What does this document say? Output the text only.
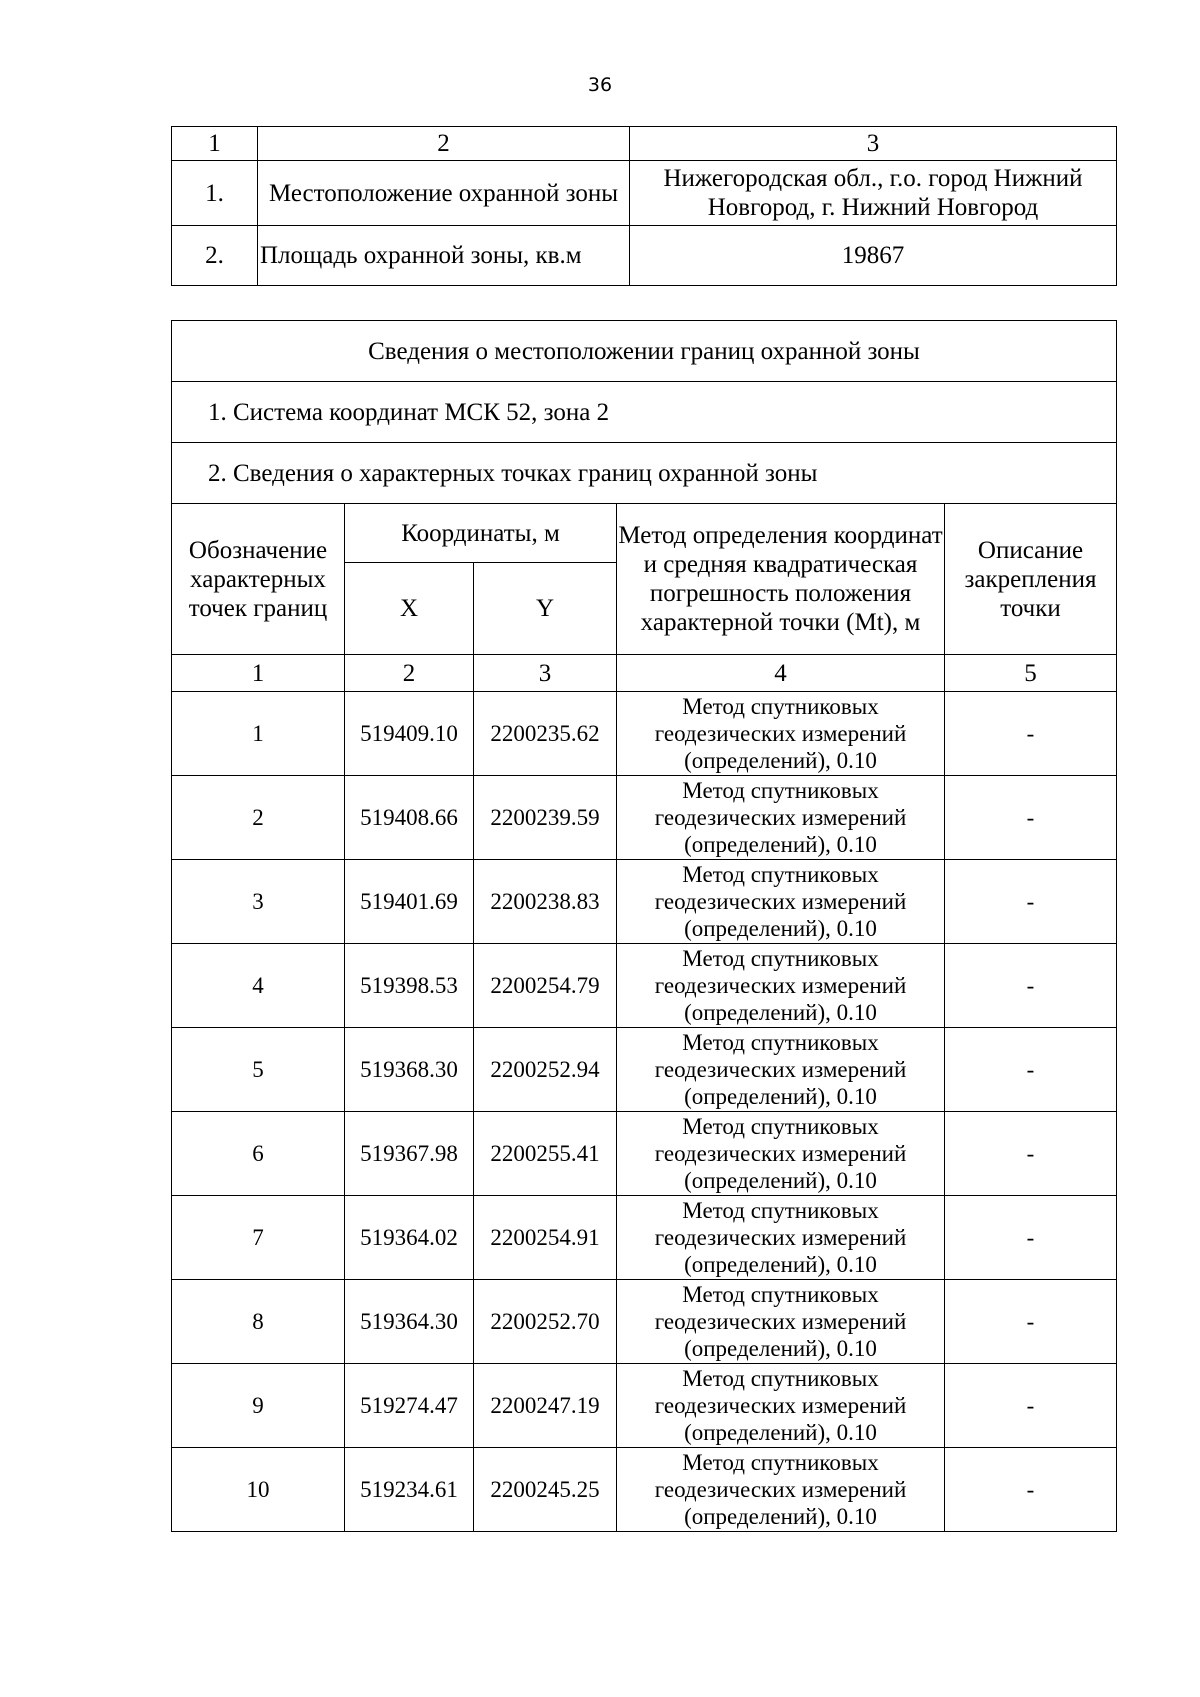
36
1	2	3
1.	Местоположение охранной зоны	Нижегородская обл., г.о. город Нижний Новгород, г. Нижний Новгород
2.	Площадь охранной зоны, кв.м	19867
Сведения о местоположении границ охранной зоны				
1. Система координат МСК 52, зона 2				
2. Сведения о характерных точках границ охранной зоны				
Обозначение характерных точек границ	Координаты, м		Метод определения координат и средняя квадратическая погрешность положения характерной точки (Mt), м	Описание закрепления точки
	X	Y		
1	2	3	4	5
1	519409.10	2200235.62	Метод спутниковых геодезических измерений (определений), 0.10	-
2	519408.66	2200239.59	Метод спутниковых геодезических измерений (определений), 0.10	-
3	519401.69	2200238.83	Метод спутниковых геодезических измерений (определений), 0.10	-
4	519398.53	2200254.79	Метод спутниковых геодезических измерений (определений), 0.10	-
5	519368.30	2200252.94	Метод спутниковых геодезических измерений (определений), 0.10	-
6	519367.98	2200255.41	Метод спутниковых геодезических измерений (определений), 0.10	-
7	519364.02	2200254.91	Метод спутниковых геодезических измерений (определений), 0.10	-
8	519364.30	2200252.70	Метод спутниковых геодезических измерений (определений), 0.10	-
9	519274.47	2200247.19	Метод спутниковых геодезических измерений (определений), 0.10	-
10	519234.61	2200245.25	Метод спутниковых геодезических измерений (определений), 0.10	-
